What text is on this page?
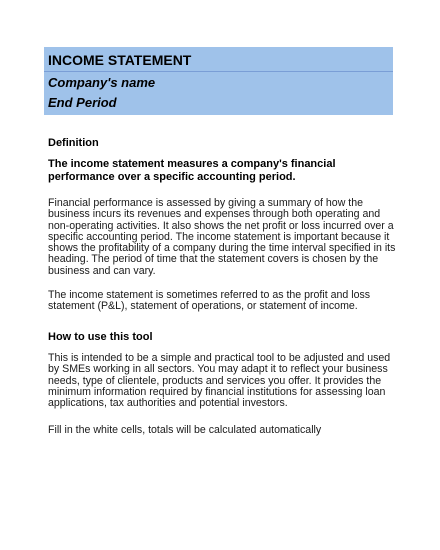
INCOME STATEMENT
Company's name
End Period
Definition
The income statement measures a company's financial
performance over a specific accounting period.
Financial performance is assessed by giving a summary of how the
business incurs its revenues and expenses through both operating and
non-operating activities. It also shows the net profit or loss incurred over a
specific accounting period. The income statement is important because it
shows the profitability of a company during the time interval specified in its
heading. The period of time that the statement covers is chosen by the
business and can vary.
The income statement is sometimes referred to as the profit and loss
statement (P&L), statement of operations, or statement of income.
How to use this tool
This is intended to be a simple and practical tool to be adjusted and used
by SMEs working in all sectors. You may adapt it to reflect your business
needs, type of clientele, products and services you offer. It provides the
minimum information required by financial institutions for assessing loan
applications, tax authorities and potential investors.
Fill in the white cells, totals will be calculated automatically
